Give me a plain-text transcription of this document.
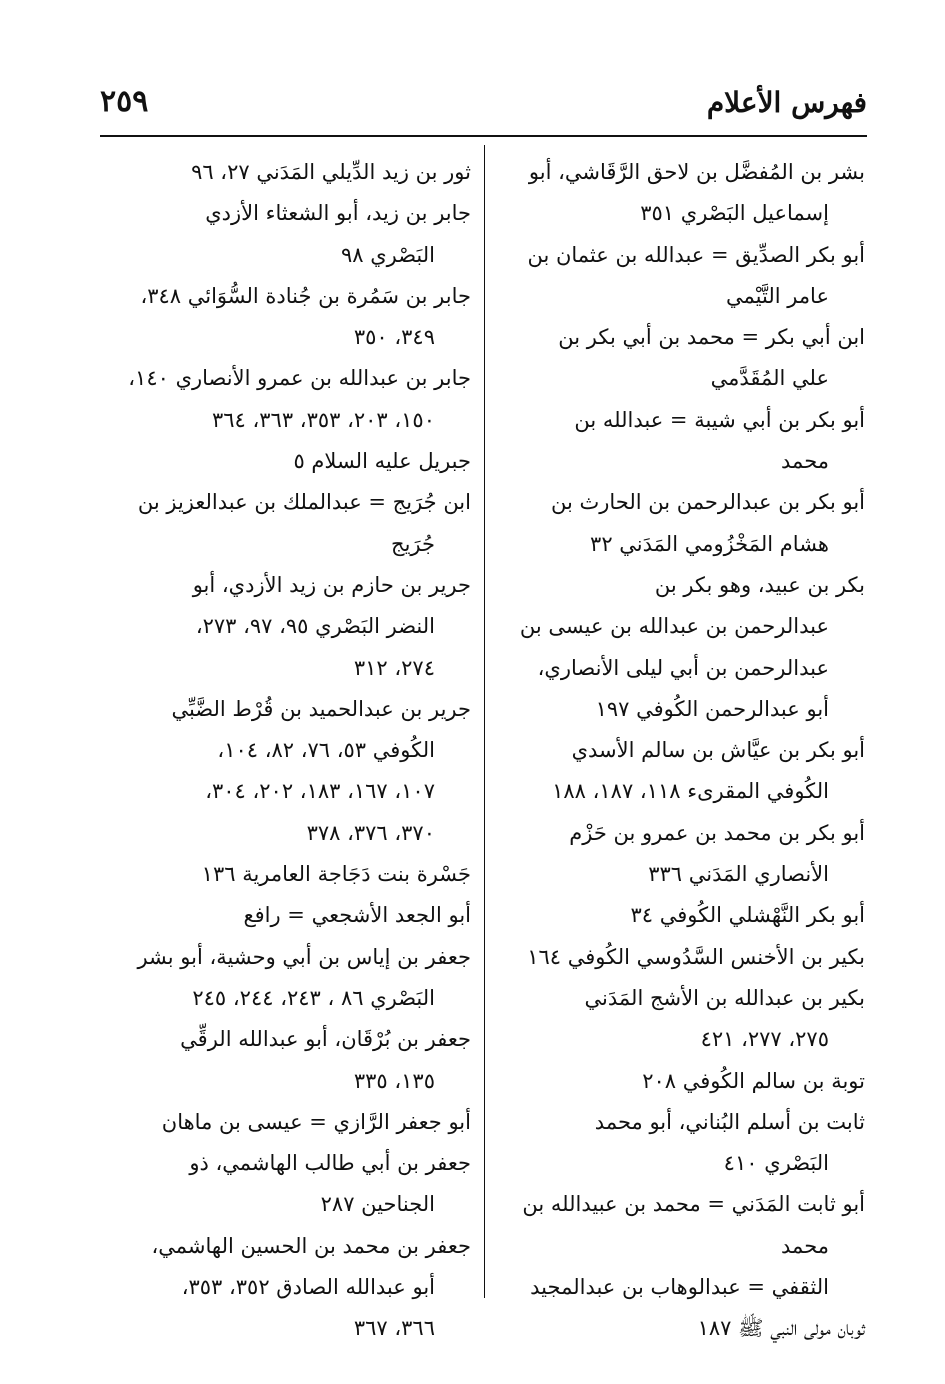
٢٥٩	فهرس الأعلام
بشر بن المُفضَّل بن لاحق الرَّقَاشي، أبو
إسماعيل البَصْري ٣٥١
أبو بكر الصدِّيق = عبدالله بن عثمان بن
عامر التَّيْمي
ابن أبي بكر = محمد بن أبي بكر بن
علي المُقَدَّمي
أبو بكر بن أبي شيبة = عبدالله بن
محمد
أبو بكر بن عبدالرحمن بن الحارث بن
هشام المَخْزُومي المَدَني ٣٢
بكر بن عبيد، وهو بكر بن
عبدالرحمن بن عبدالله بن عيسى بن
عبدالرحمن بن أبي ليلى الأنصاري،
أبو عبدالرحمن الكُوفي ١٩٧
أبو بكر بن عيَّاش بن سالم الأسدي
الكُوفي المقرىء ١١٨، ١٨٧، ١٨٨
أبو بكر بن محمد بن عمرو بن حَزْم
الأنصاري المَدَني ٣٣٦
أبو بكر النَّهْشلي الكُوفي ٣٤
بكير بن الأخنس السَّدُوسي الكُوفي ١٦٤
بكير بن عبدالله بن الأشج المَدَني
٢٧٥، ٢٧٧، ٤٢١
توبة بن سالم الكُوفي ٢٠٨
ثابت بن أسلم البُناني، أبو محمد
البَصْري ٤١٠
أبو ثابت المَدَني = محمد بن عبيدالله بن
محمد
الثقفي = عبدالوهاب بن عبدالمجيد
ثوبان مولى النبي ﷺ ١٨٧
ثور بن زيد الدِّيلي المَدَني ٢٧، ٩٦
جابر بن زيد، أبو الشعثاء الأزدي
البَصْري ٩٨
جابر بن سَمُرة بن جُنادة السُّوَائي ٣٤٨،
٣٤٩، ٣٥٠
جابر بن عبدالله بن عمرو الأنصاري ١٤٠،
١٥٠، ٢٠٣، ٣٥٣، ٣٦٣، ٣٦٤
جبريل عليه السلام ٥
ابن جُرَيج = عبدالملك بن عبدالعزيز بن
جُرَيج
جرير بن حازم بن زيد الأزدي، أبو
النضر البَصْري ٩٥، ٩٧، ٢٧٣،
٢٧٤، ٣١٢
جرير بن عبدالحميد بن قُرْط الضَّبِّي
الكُوفي ٥٣، ٧٦، ٨٢، ١٠٤،
١٠٧، ١٦٧، ١٨٣، ٢٠٢، ٣٠٤،
٣٧٠، ٣٧٦، ٣٧٨
جَسْرة بنت دَجَاجة العامرية ١٣٦
أبو الجعد الأشجعي = رافع
جعفر بن إياس بن أبي وحشية، أبو بشر
البَصْري ٨٦ ، ٢٤٣، ٢٤٤، ٢٤٥
جعفر بن بُرْقَان، أبو عبدالله الرقِّي
١٣٥، ٣٣٥
أبو جعفر الرَّازي = عيسى بن ماهان
جعفر بن أبي طالب الهاشمي، ذو
الجناحين ٢٨٧
جعفر بن محمد بن الحسين الهاشمي،
أبو عبدالله الصادق ٣٥٢، ٣٥٣،
٣٦٦، ٣٦٧
